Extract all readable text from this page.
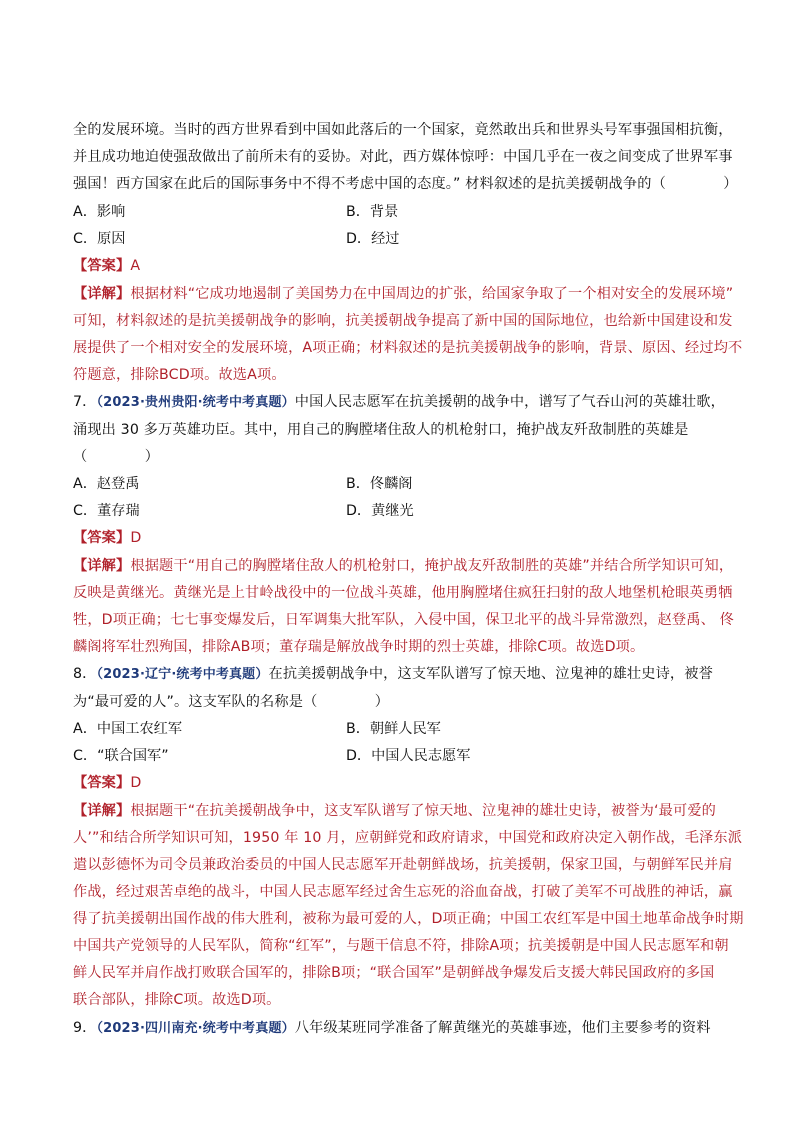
全的发展环境。当时的西方世界看到中国如此落后的一个国家，竟然敢出兵和世界头号军事强国相抗衡，
并且成功地迫使强敌做出了前所未有的妥协。对此，西方媒体惊呼：中国几乎在一夜之间变成了世界军事
强国！西方国家在此后的国际事务中不得不考虑中国的态度。” 材料叙述的是抗美援朝战争的（　　　　）
A．影响	B．背景
C．原因	D．经过
【答案】A
【详解】根据材料“它成功地遏制了美国势力在中国周边的扩张，给国家争取了一个相对安全的发展环境”
可知，材料叙述的是抗美援朝战争的影响，抗美援朝战争提高了新中国的国际地位，也给新中国建设和发
展提供了一个相对安全的发展环境，A项正确；材料叙述的是抗美援朝战争的影响，背景、原因、经过均不
符题意，排除BCD项。故选A项。
7．（2023·贵州贵阳·统考中考真题）中国人民志愿军在抗美援朝的战争中，谱写了气吞山河的英雄壮歌，
涌现出 30 多万英雄功臣。其中，用自己的胸膛堵住敌人的机枪射口，掩护战友歼敌制胜的英雄是
（　　　　）
A．赵登禹	B．佟麟阁
C．董存瑞	D．黄继光
【答案】D
【详解】根据题干“用自己的胸膛堵住敌人的机枪射口，掩护战友歼敌制胜的英雄”并结合所学知识可知，
反映是黄继光。黄继光是上甘岭战役中的一位战斗英雄，他用胸膛堵住疯狂扫射的敌人地堡机枪眼英勇牺
牲，D项正确；七七事变爆发后，日军调集大批军队，入侵中国，保卫北平的战斗异常激烈，赵登禹、 佟
麟阁将军壮烈殉国，排除AB项；董存瑞是解放战争时期的烈士英雄，排除C项。故选D项。
8．（2023·辽宁·统考中考真题）在抗美援朝战争中，这支军队谱写了惊天地、泣鬼神的雄壮史诗，被誉
为“最可爱的人”。这支军队的名称是（　　　　）
A．中国工农红军	B．朝鲜人民军
C．“联合国军”	D．中国人民志愿军
【答案】D
【详解】根据题干“在抗美援朝战争中，这支军队谱写了惊天地、泣鬼神的雄壮史诗，被誉为‘最可爱的
人’”和结合所学知识可知，1950 年 10 月，应朝鲜党和政府请求，中国党和政府决定入朝作战，毛泽东派
遣以彭德怀为司令员兼政治委员的中国人民志愿军开赴朝鲜战场，抗美援朝，保家卫国，与朝鲜军民并肩
作战，经过艰苦卓绝的战斗，中国人民志愿军经过舍生忘死的浴血奋战，打破了美军不可战胜的神话，赢
得了抗美援朝出国作战的伟大胜利，被称为最可爱的人，D项正确；中国工农红军是中国土地革命战争时期
中国共产党领导的人民军队，简称“红军”，与题干信息不符，排除A项；抗美援朝是中国人民志愿军和朝
鲜人民军并肩作战打败联合国军的，排除B项；“联合国军”是朝鲜战争爆发后支援大韩民国政府的多国
联合部队，排除C项。故选D项。
9．（2023·四川南充·统考中考真题）八年级某班同学准备了解黄继光的英雄事迹，他们主要参考的资料
